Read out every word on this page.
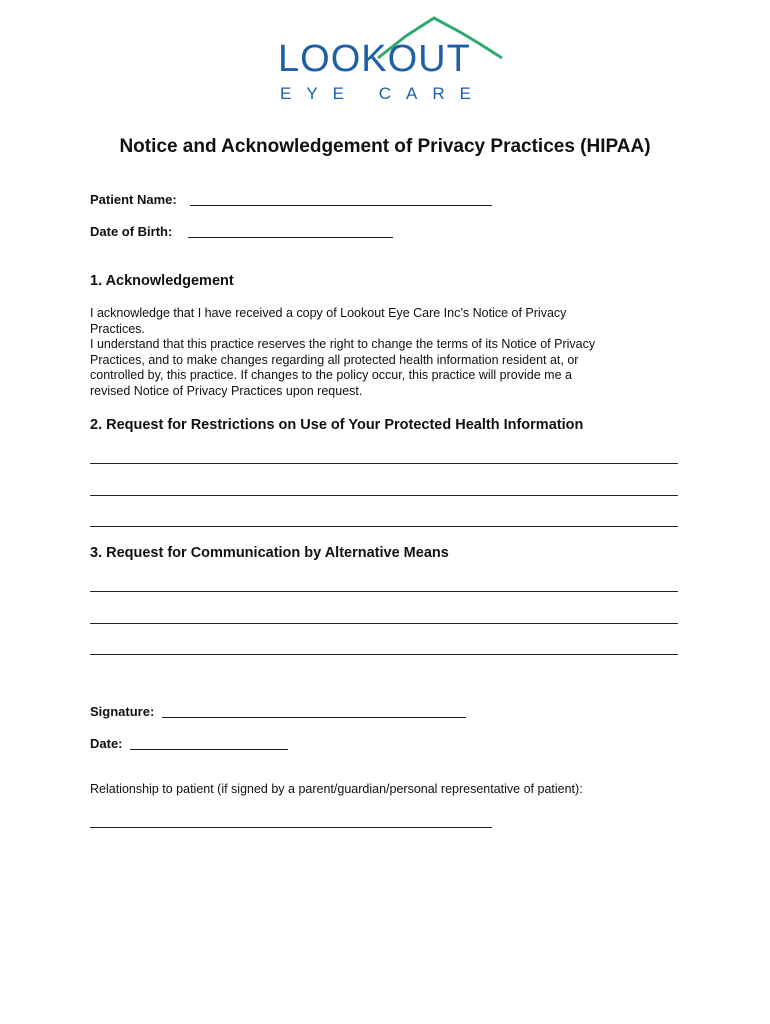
LOOKOUT
EYE CARE
Notice and Acknowledgement of Privacy Practices (HIPAA)
Patient Name:
Date of Birth:
1. Acknowledgement
I acknowledge that I have received a copy of Lookout Eye Care Inc’s Notice of Privacy
Practices.
I understand that this practice reserves the right to change the terms of its Notice of Privacy
Practices, and to make changes regarding all protected health information resident at, or
controlled by, this practice. If changes to the policy occur, this practice will provide me a
revised Notice of Privacy Practices upon request.
2. Request for Restrictions on Use of Your Protected Health Information
3. Request for Communication by Alternative Means
Signature:
Date:
Relationship to patient (if signed by a parent/guardian/personal representative of patient):
